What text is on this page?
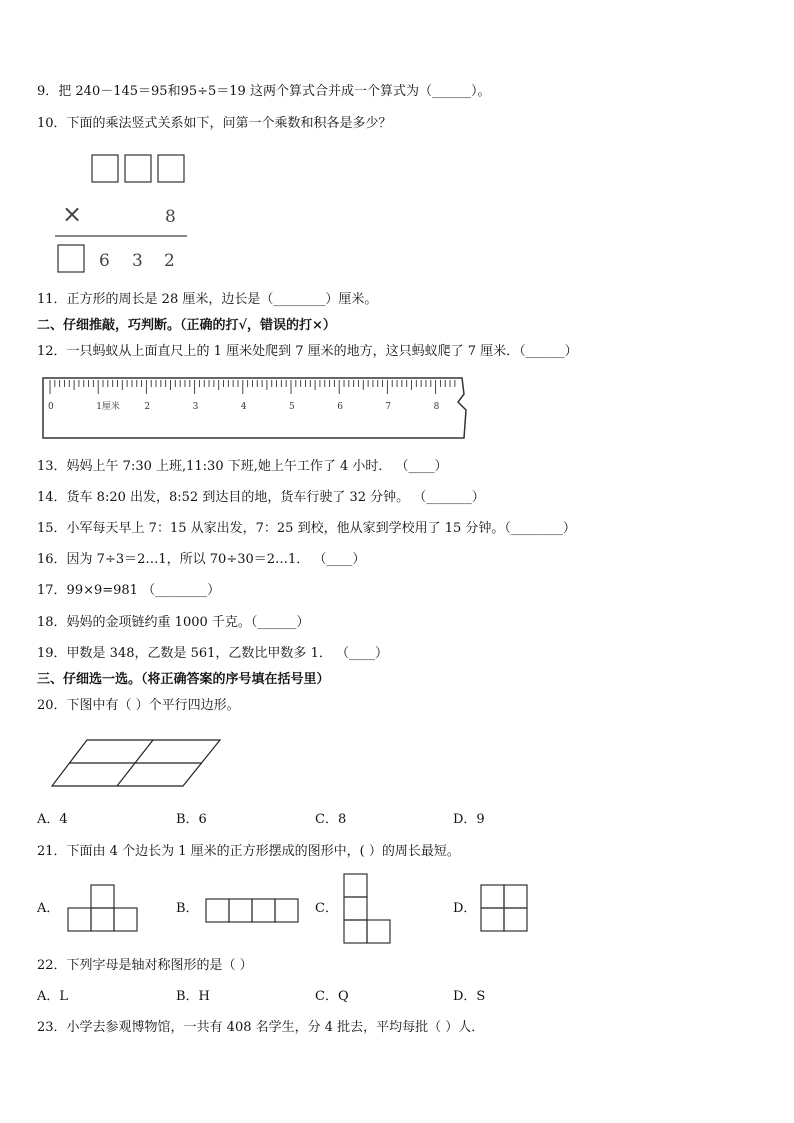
9．把 240－145＝95和95÷5＝19 这两个算式合并成一个算式为（______）。
10．下面的乘法竖式关系如下，问第一个乘数和积各是多少？
×	8
6 3 2
11．正方形的周长是 28 厘米，边长是（________）厘米。
二、仔细推敲，巧判断。（正确的打√，错误的打×）
12．一只蚂蚁从上面直尺上的 1 厘米处爬到 7 厘米的地方，这只蚂蚁爬了 7 厘米．（______）
0	1厘米	2	3	4	5	6	7	8
13．妈妈上午 7:30 上班,11:30 下班,她上午工作了 4 小时． （____）
14．货车 8:20 出发，8:52 到达目的地，货车行驶了 32 分钟。 （_______）
15．小军每天早上 7：15 从家出发，7：25 到校，他从家到学校用了 15 分钟。（________）
16．因为 7÷3＝2…1，所以 70÷30＝2…1． （____）
17．99×9=981 （________）
18．妈妈的金项链约重 1000 千克。（______）
19．甲数是 348，乙数是 561，乙数比甲数多 1． （____）
三、仔细选一选。（将正确答案的序号填在括号里）
20．下图中有（ ）个平行四边形。
A．4	B．6	C．8	D．9
21．下面由 4 个边长为 1 厘米的正方形摆成的图形中，( ）的周长最短。
A．	B．	C．	D．
22．下列字母是轴对称图形的是（ ）
A．L	B．H	C．Q	D．S
23．小学去参观博物馆，一共有 408 名学生，分 4 批去，平均每批（ ）人．
